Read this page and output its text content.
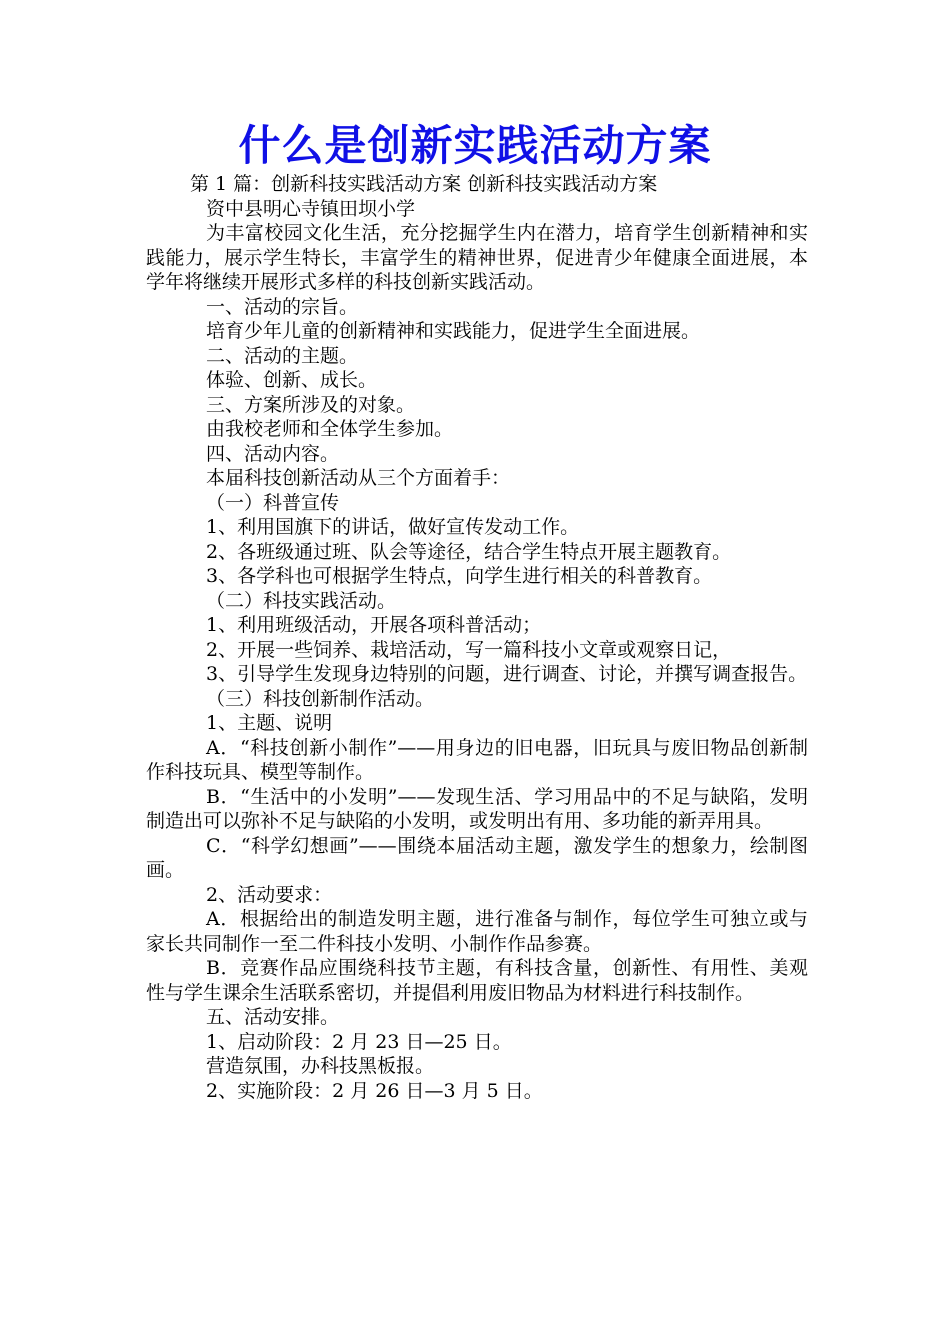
什么是创新实践活动方案

第 1 篇：创新科技实践活动方案 创新科技实践活动方案

资中县明心寺镇田坝小学

为丰富校园文化生活，充分挖掘学生内在潜力，培育学生创新精神和实践能力，展示学生特长，丰富学生的精神世界，促进青少年健康全面进展，本学年将继续开展形式多样的科技创新实践活动。

一、活动的宗旨。

培育少年儿童的创新精神和实践能力，促进学生全面进展。

二、活动的主题。

体验、创新、成长。

三、方案所涉及的对象。

由我校老师和全体学生参加。

四、活动内容。

本届科技创新活动从三个方面着手：

（一）科普宣传

1、利用国旗下的讲话，做好宣传发动工作。

2、各班级通过班、队会等途径，结合学生特点开展主题教育。

3、各学科也可根据学生特点，向学生进行相关的科普教育。

（二）科技实践活动。

1、利用班级活动，开展各项科普活动；

2、开展一些饲养、栽培活动，写一篇科技小文章或观察日记，

3、引导学生发现身边特别的问题，进行调查、讨论，并撰写调查报告。

（三）科技创新制作活动。

1、主题、说明

A．“科技创新小制作”——用身边的旧电器，旧玩具与废旧物品创新制作科技玩具、模型等制作。

B．“生活中的小发明”——发现生活、学习用品中的不足与缺陷，发明制造出可以弥补不足与缺陷的小发明，或发明出有用、多功能的新弄用具。

C．“科学幻想画”——围绕本届活动主题，激发学生的想象力，绘制图画。

2、活动要求：

A．根据给出的制造发明主题，进行准备与制作，每位学生可独立或与家长共同制作一至二件科技小发明、小制作作品参赛。

B．竞赛作品应围绕科技节主题，有科技含量，创新性、有用性、美观性与学生课余生活联系密切，并提倡利用废旧物品为材料进行科技制作。

五、活动安排。

1、启动阶段：2 月 23 日—25 日。

营造氛围，办科技黑板报。

2、实施阶段：2 月 26 日—3 月 5 日。
